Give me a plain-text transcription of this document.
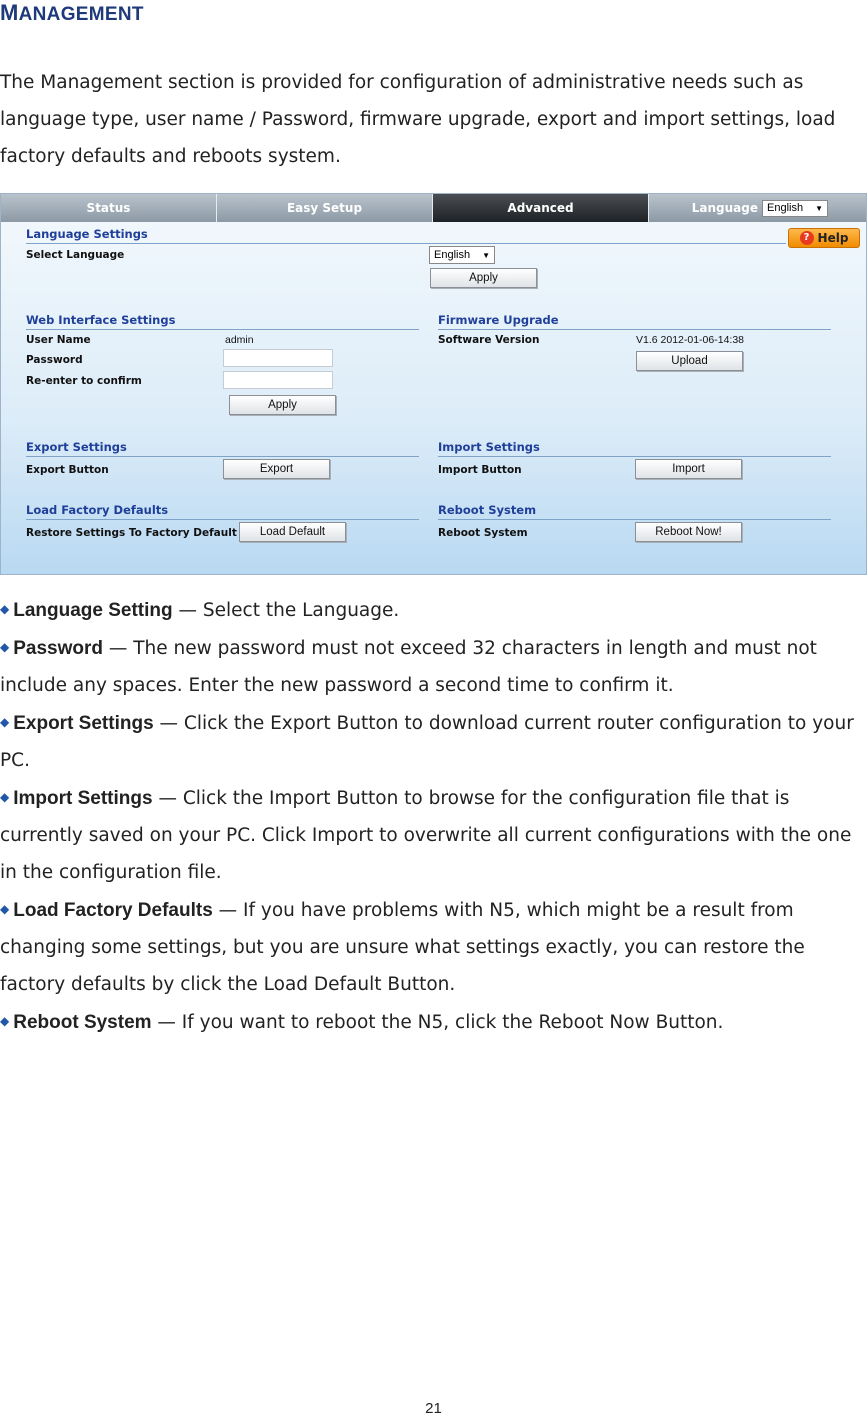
MANAGEMENT

The Management section is provided for configuration of administrative needs such as language type, user name / Password, firmware upgrade, export and import settings, load factory defaults and reboots system.

Status	Easy Setup	Advanced	Language English ▼
? Help
Language Settings
Select Language	English ▼
Apply
Web Interface Settings
User Name	admin
Password
Re-enter to confirm
Apply
Firmware Upgrade
Software Version	V1.6 2012-01-06-14:38
Upload
Export Settings
Export Button	Export
Import Settings
Import Button	Import
Load Factory Defaults
Restore Settings To Factory Default	Load Default
Reboot System
Reboot System	Reboot Now!
◆ Language Setting — Select the Language.
◆ Password — The new password must not exceed 32 characters in length and must not include any spaces. Enter the new password a second time to confirm it.
◆ Export Settings — Click the Export Button to download current router configuration to your PC.
◆ Import Settings — Click the Import Button to browse for the configuration file that is currently saved on your PC. Click Import to overwrite all current configurations with the one in the configuration file.
◆ Load Factory Defaults — If you have problems with N5, which might be a result from changing some settings, but you are unsure what settings exactly, you can restore the factory defaults by click the Load Default Button.
◆ Reboot System — If you want to reboot the N5, click the Reboot Now Button.
21
